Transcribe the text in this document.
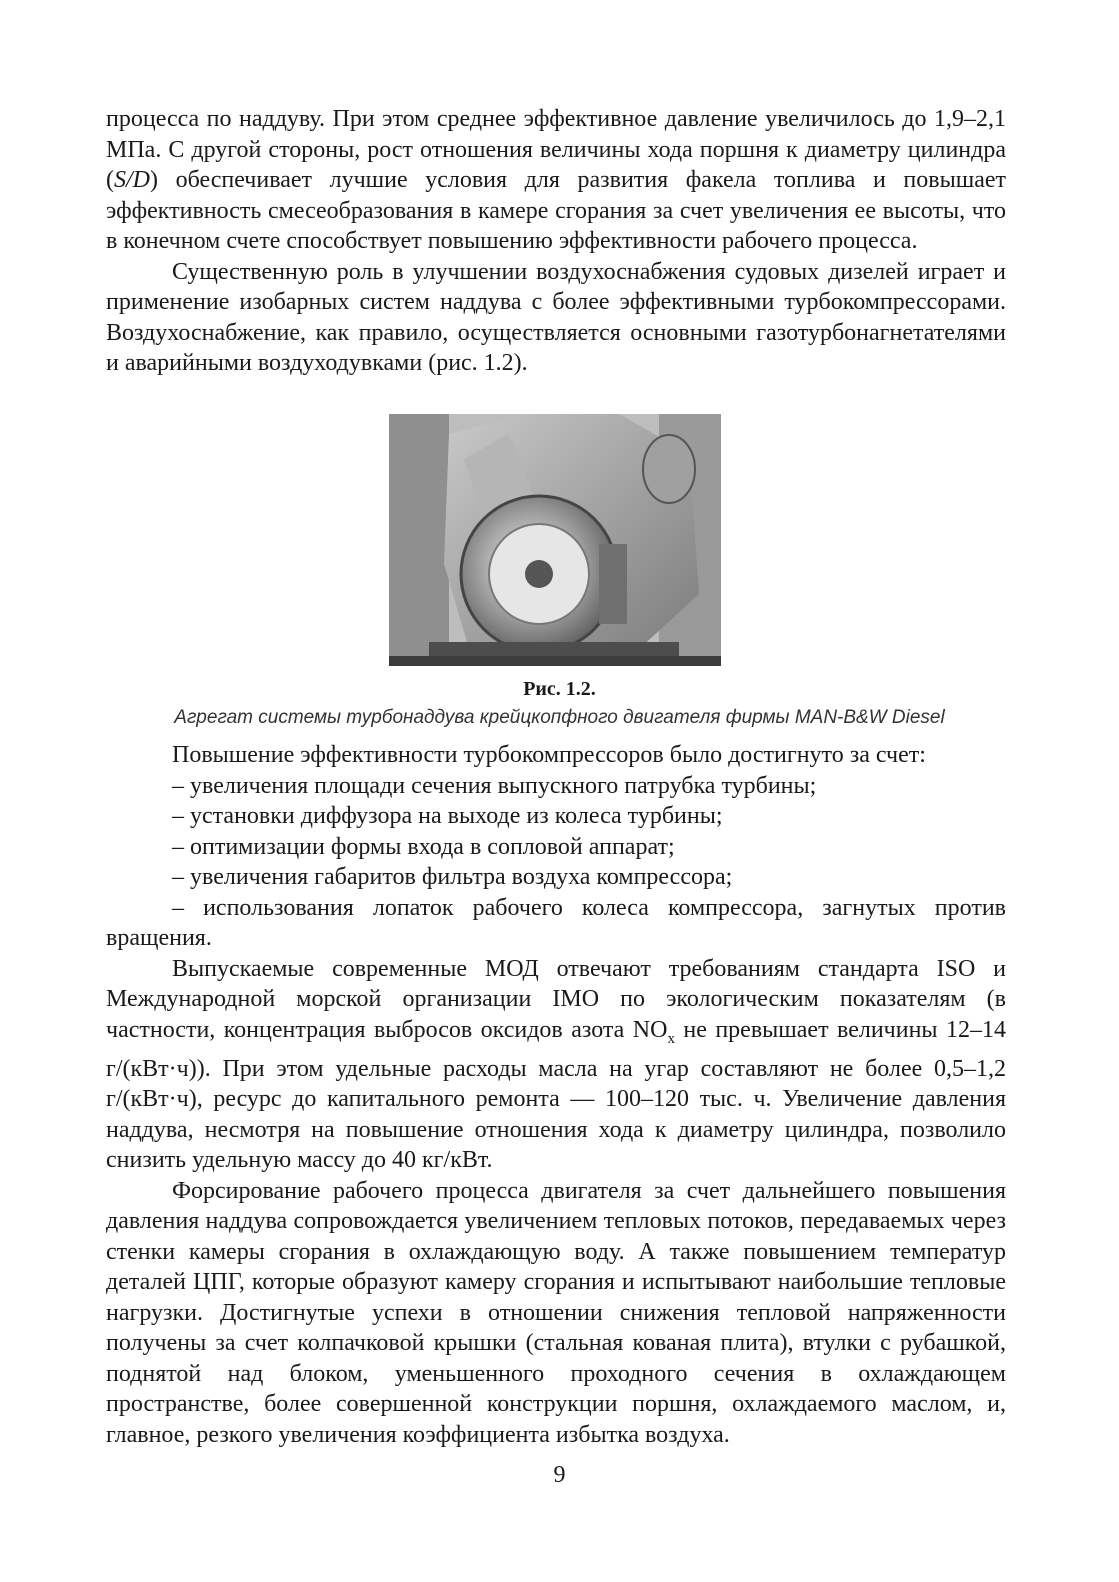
процесса по наддуву. При этом среднее эффективное давление увеличилось до 1,9–2,1 МПа. С другой стороны, рост отношения величины хода поршня к диаметру цилиндра (S/D) обеспечивает лучшие условия для развития факела топлива и повышает эффективность смесеобразования в камере сгорания за счет увеличения ее высоты, что в конечном счете способствует повышению эффективности рабочего процесса.

Существенную роль в улучшении воздухоснабжения судовых дизелей играет и применение изобарных систем наддува с более эффективными турбокомпрессорами. Воздухоснабжение, как правило, осуществляется основными газотурбонагнетателями и аварийными воздуходувками (рис. 1.2).

Рис. 1.2.
Агрегат системы турбонаддува крейцкопфного двигателя фирмы MAN-B&W Diesel

Повышение эффективности турбокомпрессоров было достигнуто за счет:

– увеличения площади сечения выпускного патрубка турбины;

– установки диффузора на выходе из колеса турбины;

– оптимизации формы входа в сопловой аппарат;

– увеличения габаритов фильтра воздуха компрессора;

– использования лопаток рабочего колеса компрессора, загнутых против вращения.

Выпускаемые современные МОД отвечают требованиям стандарта ISO и Международной морской организации IMO по экологическим показателям (в частности, концентрация выбросов оксидов азота $NO_x$ не превышает величины 12–14 г/(кВт·ч)). При этом удельные расходы масла на угар составляют не более 0,5–1,2 г/(кВт·ч), ресурс до капитального ремонта — 100–120 тыс. ч. Увеличение давления наддува, несмотря на повышение отношения хода к диаметру цилиндра, позволило снизить удельную массу до 40 кг/кВт.

Форсирование рабочего процесса двигателя за счет дальнейшего повышения давления наддува сопровождается увеличением тепловых потоков, передаваемых через стенки камеры сгорания в охлаждающую воду. А также повышением температур деталей ЦПГ, которые образуют камеру сгорания и испытывают наибольшие тепловые нагрузки. Достигнутые успехи в отношении снижения тепловой напряженности получены за счет колпачковой крышки (стальная кованая плита), втулки с рубашкой, поднятой над блоком, уменьшенного проходного сечения в охлаждающем пространстве, более совершенной конструкции поршня, охлаждаемого маслом, и, главное, резкого увеличения коэффициента избытка воздуха.

9
